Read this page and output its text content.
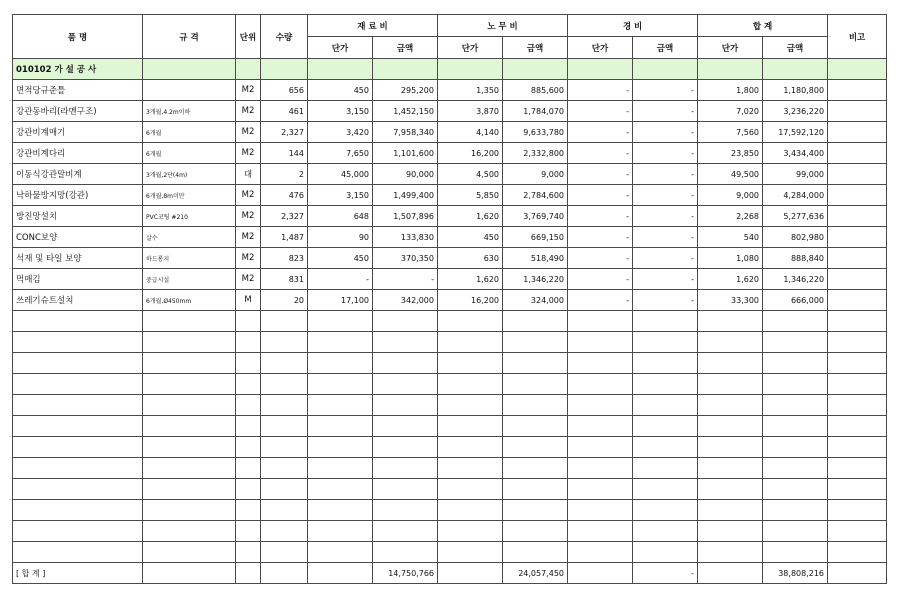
품 명	규 격	단위	수량	재 료 비		노 무 비		경 비		합 계		비고
				단가	금액	단가	금액	단가	금액	단가	금액	
010102 가 설 공 사												
면적당규준틀		M2	656	450	295,200	1,350	885,600	-	-	1,800	1,180,800	
강관동바리(라멘구조)	3개월,4.2m이하	M2	461	3,150	1,452,150	3,870	1,784,070	-	-	7,020	3,236,220	
강관비계매기	6개월	M2	2,327	3,420	7,958,340	4,140	9,633,780	-	-	7,560	17,592,120	
강관비계다리	6개월	M2	144	7,650	1,101,600	16,200	2,332,800	-	-	23,850	3,434,400	
이동식강관말비계	3개월,2단(4m)	대	2	45,000	90,000	4,500	9,000	-	-	49,500	99,000	
낙하물방지망(강관)	6개월,8m미만	M2	476	3,150	1,499,400	5,850	2,784,600	-	-	9,000	4,284,000	
방진망설치	PVC코팅 #210	M2	2,327	648	1,507,896	1,620	3,769,740	-	-	2,268	5,277,636	
CONC보양	살수	M2	1,487	90	133,830	450	669,150	-	-	540	802,980	
석재 및 타일 보양	하드롱지	M2	823	450	370,350	630	518,490	-	-	1,080	888,840	
먹매김	중급시설	M2	831	-	-	1,620	1,346,220	-	-	1,620	1,346,220	
쓰레기슈트설치	6개월,Ø450mm	M	20	17,100	342,000	16,200	324,000	-	-	33,300	666,000	

[ 합 계 ]					14,750,766		24,057,450		-		38,808,216	
